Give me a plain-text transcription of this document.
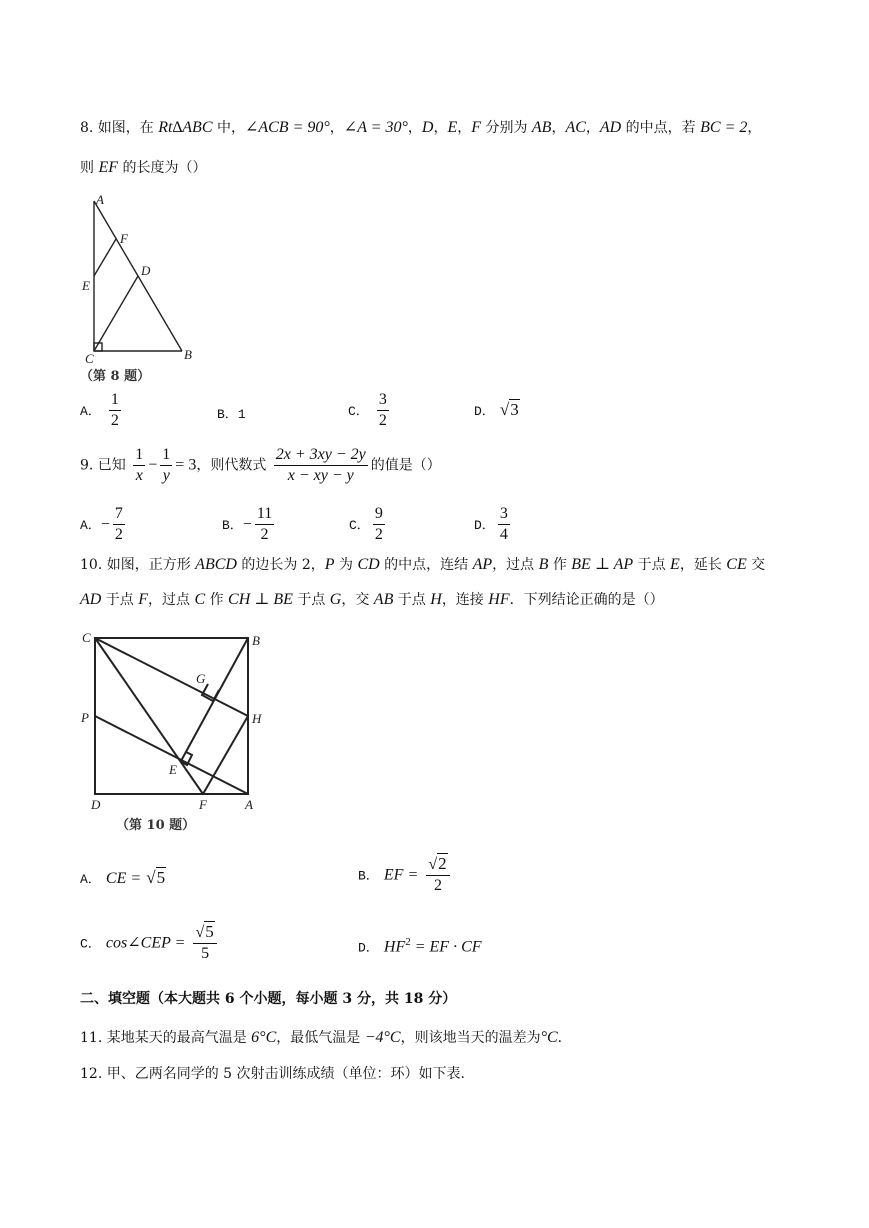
8. 如图，在 Rt∆ABC 中，∠ACB = 90°，∠A = 30°，D，E，F 分别为 AB，AC，AD 的中点，若 BC = 2，
则 EF 的长度为（）
A
F
D
E
C	B
（第 8 题）
A． $\frac{1}{2}$	B．1	C． $\frac{3}{2}$	D． √3
9. 已知 $\frac{1}{x} - \frac{1}{y} = 3$，则代数式 $\frac{2x + 3xy - 2y}{x - xy - y}$ 的值是（）
A．− $\frac{7}{2}$	B．− $\frac{11}{2}$	C． $\frac{9}{2}$	D． $\frac{3}{4}$
10. 如图，正方形 ABCD 的边长为 2，P 为 CD 的中点，连结 AP，过点 B 作 BE ⊥ AP 于点 E，延长 CE 交
AD 于点 F，过点 C 作 CH ⊥ BE 于点 G，交 AB 于点 H，连接 HF．下列结论正确的是（）
C	B
G
P	H
E
D	F	A
（第 10 题）
A． CE = √5	B． EF = $\frac{√2}{2}$
C． cos∠CEP = $\frac{√5}{5}$	D． $HF^2$ = EF · CF
二、填空题（本大题共 6 个小题，每小题 3 分，共 18 分）
11. 某地某天的最高气温是 6°C，最低气温是 −4°C，则该地当天的温差为°C．
12. 甲、乙两名同学的 5 次射击训练成绩（单位：环）如下表.
